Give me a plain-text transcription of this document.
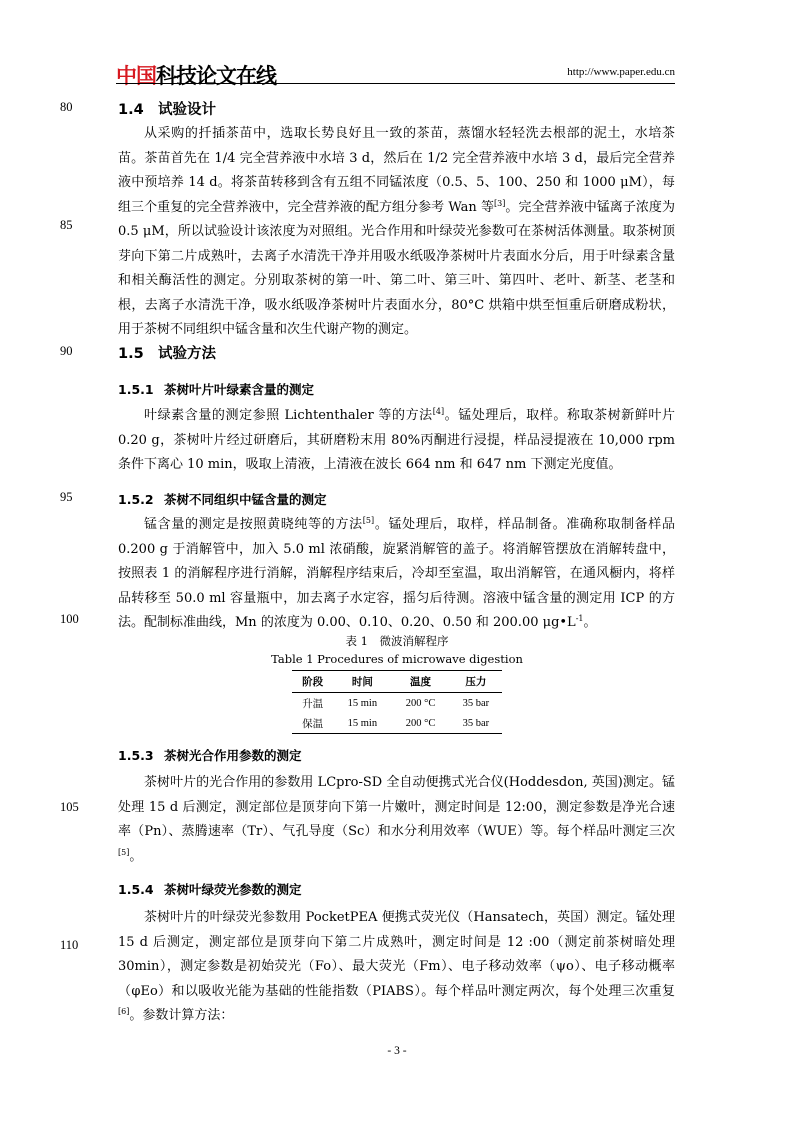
中国科技论文在线	http://www.paper.edu.cn
80
85
90
95
100
105
110
1.4 试验设计

从采购的扦插茶苗中，选取长势良好且一致的茶苗，蒸馏水轻轻洗去根部的泥土，水培茶苗。茶苗首先在 1/4 完全营养液中水培 3 d，然后在 1/2 完全营养液中水培 3 d，最后完全营养液中预培养 14 d。将茶苗转移到含有五组不同锰浓度（0.5、5、100、250 和 1000 μM），每组三个重复的完全营养液中，完全营养液的配方组分参考 Wan 等[3]。完全营养液中锰离子浓度为 0.5 μM，所以试验设计该浓度为对照组。光合作用和叶绿荧光参数可在茶树活体测量。取茶树顶芽向下第二片成熟叶，去离子水清洗干净并用吸水纸吸净茶树叶片表面水分后，用于叶绿素含量和相关酶活性的测定。分别取茶树的第一叶、第二叶、第三叶、第四叶、老叶、新茎、老茎和根，去离子水清洗干净，吸水纸吸净茶树叶片表面水分，80°C 烘箱中烘至恒重后研磨成粉状，用于茶树不同组织中锰含量和次生代谢产物的测定。

1.5 试验方法
1.5.1 茶树叶片叶绿素含量的测定

叶绿素含量的测定参照 Lichtenthaler 等的方法[4]。锰处理后，取样。称取茶树新鲜叶片 0.20 g，茶树叶片经过研磨后，其研磨粉末用 80%丙酮进行浸提，样品浸提液在 10,000 rpm 条件下离心 10 min，吸取上清液，上清液在波长 664 nm 和 647 nm 下测定光度值。

1.5.2 茶树不同组织中锰含量的测定

锰含量的测定是按照黄晓纯等的方法[5]。锰处理后，取样，样品制备。准确称取制备样品 0.200 g 于消解管中，加入 5.0 ml 浓硝酸，旋紧消解管的盖子。将消解管摆放在消解转盘中，按照表 1 的消解程序进行消解，消解程序结束后，冷却至室温，取出消解管，在通风橱内，将样品转移至 50.0 ml 容量瓶中，加去离子水定容，摇匀后待测。溶液中锰含量的测定用 ICP 的方法。配制标准曲线，Mn 的浓度为 0.00、0.10、0.20、0.50 和 200.00 $\mu g•L^{-1}$。

表 1　微波消解程序
Table 1 Procedures of microwave digestion
阶段	时间	温度	压力
升温	15 min	200 °C	35 bar
保温	15 min	200 °C	35 bar
1.5.3 茶树光合作用参数的测定

茶树叶片的光合作用的参数用 LCpro-SD 全自动便携式光合仪(Hoddesdon, 英国)测定。锰处理 15 d 后测定，测定部位是顶芽向下第一片嫩叶，测定时间是 12:00，测定参数是净光合速率（Pn）、蒸腾速率（Tr）、气孔导度（Sc）和水分利用效率（WUE）等。每个样品叶测定三次[5]。

1.5.4 茶树叶绿荧光参数的测定

茶树叶片的叶绿荧光参数用 PocketPEA 便携式荧光仪（Hansatech，英国）测定。锰处理 15 d 后测定，测定部位是顶芽向下第二片成熟叶，测定时间是 12 :00（测定前茶树暗处理 30min），测定参数是初始荧光（Fo）、最大荧光（Fm）、电子移动效率（ψo）、电子移动概率（φEo）和以吸收光能为基础的性能指数（PIABS）。每个样品叶测定两次，每个处理三次重复[6]。参数计算方法：

- 3 -
